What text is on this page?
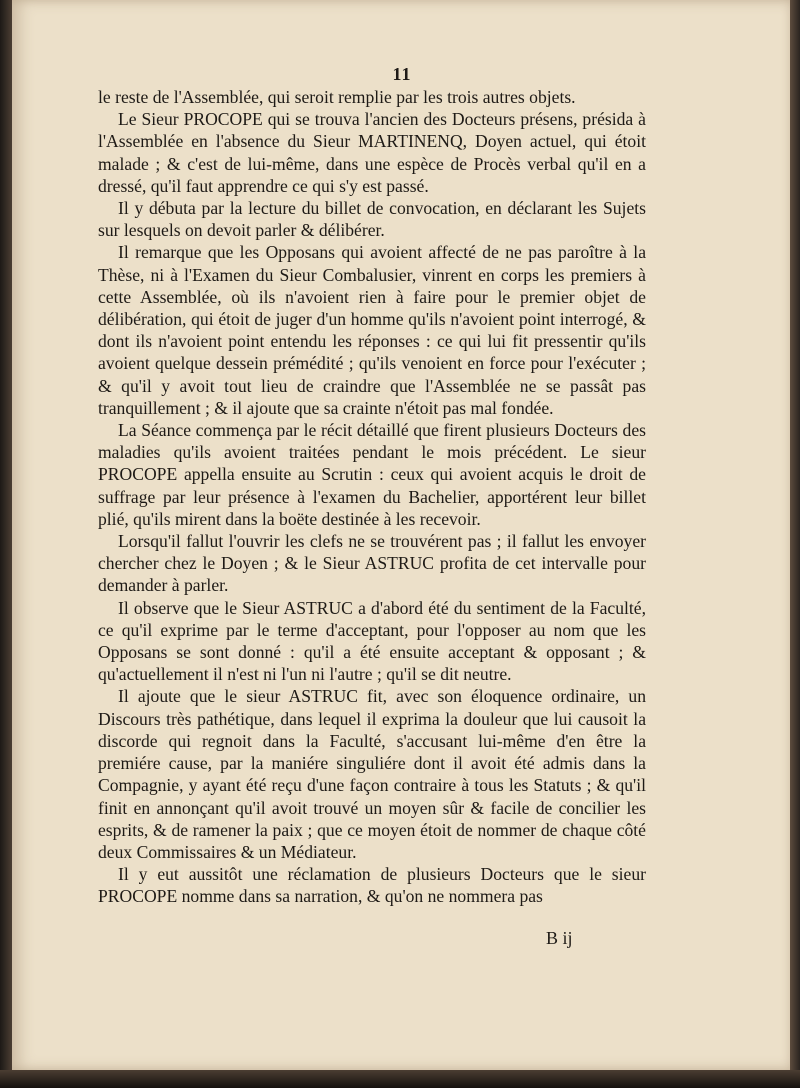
11

le reste de l'Assemblée, qui seroit remplie par les trois autres objets.

Le Sieur PROCOPE qui se trouva l'ancien des Docteurs présens, présida à l'Assemblée en l'absence du Sieur MARTINENQ, Doyen actuel, qui étoit malade ; & c'est de lui-même, dans une espèce de Procès verbal qu'il en a dressé, qu'il faut apprendre ce qui s'y est passé.

Il y débuta par la lecture du billet de convocation, en déclarant les Sujets sur lesquels on devoit parler & délibérer.

Il remarque que les Opposans qui avoient affecté de ne pas paroître à la Thèse, ni à l'Examen du Sieur Combalusier, vinrent en corps les premiers à cette Assemblée, où ils n'avoient rien à faire pour le premier objet de délibération, qui étoit de juger d'un homme qu'ils n'avoient point interrogé, & dont ils n'avoient point entendu les réponses : ce qui lui fit pressentir qu'ils avoient quelque dessein prémédité ; qu'ils venoient en force pour l'exécuter ; & qu'il y avoit tout lieu de craindre que l'Assemblée ne se passât pas tranquillement ; & il ajoute que sa crainte n'étoit pas mal fondée.

La Séance commença par le récit détaillé que firent plusieurs Docteurs des maladies qu'ils avoient traitées pendant le mois précédent. Le sieur PROCOPE appella ensuite au Scrutin : ceux qui avoient acquis le droit de suffrage par leur présence à l'examen du Bachelier, apportérent leur billet plié, qu'ils mirent dans la boëte destinée à les recevoir.

Lorsqu'il fallut l'ouvrir les clefs ne se trouvérent pas ; il fallut les envoyer chercher chez le Doyen ; & le Sieur ASTRUC profita de cet intervalle pour demander à parler.

Il observe que le Sieur ASTRUC a d'abord été du sentiment de la Faculté, ce qu'il exprime par le terme d'acceptant, pour l'opposer au nom que les Opposans se sont donné : qu'il a été ensuite acceptant & opposant ; & qu'actuellement il n'est ni l'un ni l'autre ; qu'il se dit neutre.

Il ajoute que le sieur ASTRUC fit, avec son éloquence ordinaire, un Discours très pathétique, dans lequel il exprima la douleur que lui causoit la discorde qui regnoit dans la Faculté, s'accusant lui-même d'en être la premiére cause, par la maniére singuliére dont il avoit été admis dans la Compagnie, y ayant été reçu d'une façon contraire à tous les Statuts ; & qu'il finit en annonçant qu'il avoit trouvé un moyen sûr & facile de concilier les esprits, & de ramener la paix ; que ce moyen étoit de nommer de chaque côté deux Commissaires & un Médiateur.

Il y eut aussitôt une réclamation de plusieurs Docteurs que le sieur PROCOPE nomme dans sa narration, & qu'on ne nommera pas

B ij
